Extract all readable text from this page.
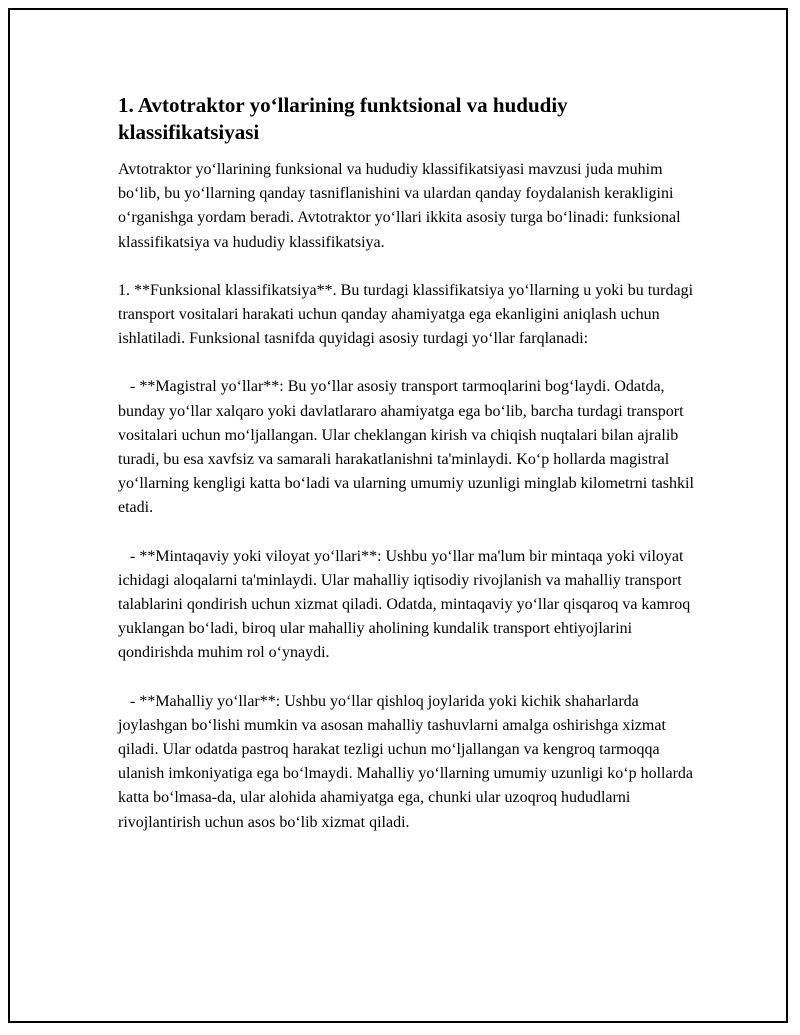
1. Avtotraktor yo‘llarining funktsional va hududiy klassifikatsiyasi

Avtotraktor yo‘llarining funksional va hududiy klassifikatsiyasi mavzusi juda muhim bo‘lib, bu yo‘llarning qanday tasniflanishini va ulardan qanday foydalanish kerakligini o‘rganishga yordam beradi. Avtotraktor yo‘llari ikkita asosiy turga bo‘linadi: funksional klassifikatsiya va hududiy klassifikatsiya.

1. **Funksional klassifikatsiya**. Bu turdagi klassifikatsiya yo‘llarning u yoki bu turdagi transport vositalari harakati uchun qanday ahamiyatga ega ekanligini aniqlash uchun ishlatiladi. Funksional tasnifda quyidagi asosiy turdagi yo‘llar farqlanadi:

- **Magistral yo‘llar**: Bu yo‘llar asosiy transport tarmoqlarini bog‘laydi. Odatda, bunday yo‘llar xalqaro yoki davlatlararo ahamiyatga ega bo‘lib, barcha turdagi transport vositalari uchun mo‘ljallangan. Ular cheklangan kirish va chiqish nuqtalari bilan ajralib turadi, bu esa xavfsiz va samarali harakatlanishni ta'minlaydi. Ko‘p hollarda magistral yo‘llarning kengligi katta bo‘ladi va ularning umumiy uzunligi minglab kilometrni tashkil etadi.

- **Mintaqaviy yoki viloyat yo‘llari**: Ushbu yo‘llar ma'lum bir mintaqa yoki viloyat ichidagi aloqalarni ta'minlaydi. Ular mahalliy iqtisodiy rivojlanish va mahalliy transport talablarini qondirish uchun xizmat qiladi. Odatda, mintaqaviy yo‘llar qisqaroq va kamroq yuklangan bo‘ladi, biroq ular mahalliy aholining kundalik transport ehtiyojlarini qondirishda muhim rol o‘ynaydi.

- **Mahalliy yo‘llar**: Ushbu yo‘llar qishloq joylarida yoki kichik shaharlarda joylashgan bo‘lishi mumkin va asosan mahalliy tashuvlarni amalga oshirishga xizmat qiladi. Ular odatda pastroq harakat tezligi uchun mo‘ljallangan va kengroq tarmoqqa ulanish imkoniyatiga ega bo‘lmaydi. Mahalliy yo‘llarning umumiy uzunligi ko‘p hollarda katta bo‘lmasa-da, ular alohida ahamiyatga ega, chunki ular uzoqroq hududlarni rivojlantirish uchun asos bo‘lib xizmat qiladi.
